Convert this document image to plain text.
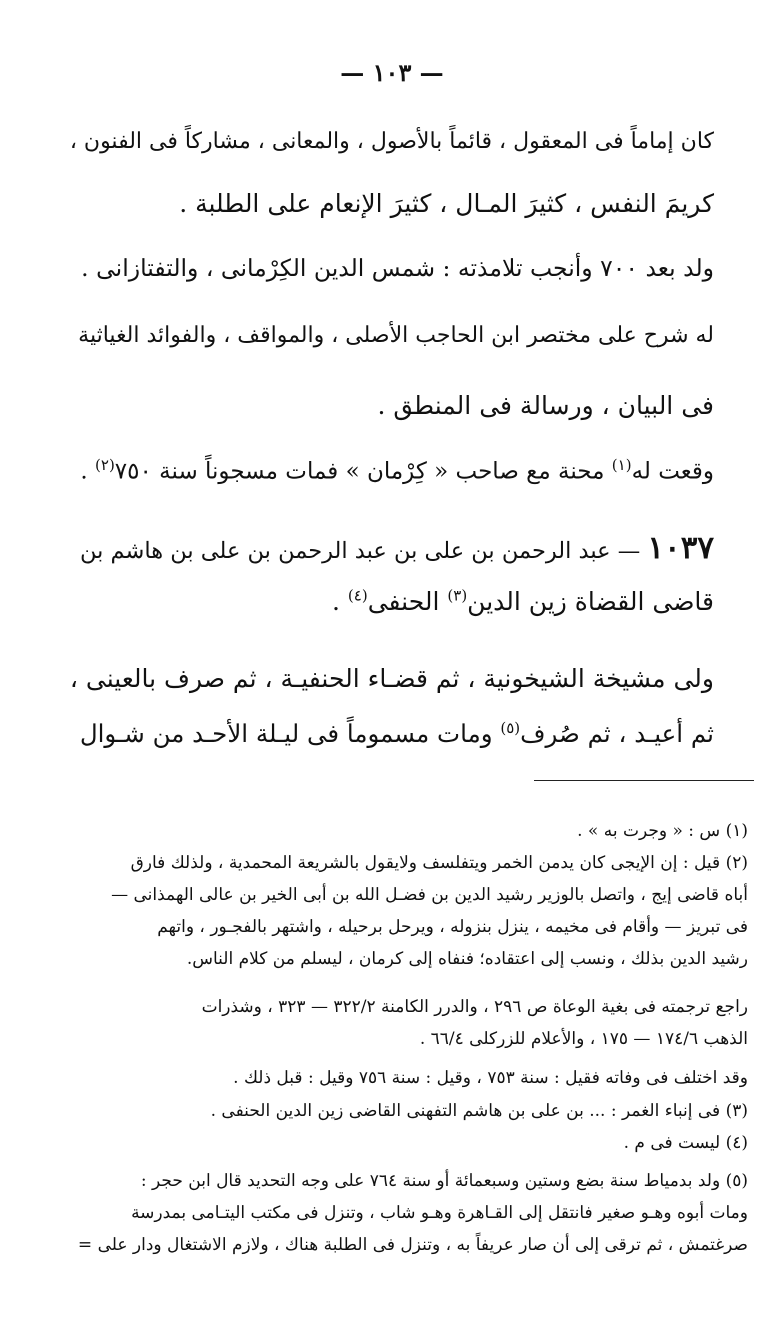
— ١٠٣ —
كان إماماً فى المعقول ، قائماً بالأصول ، والمعانى ، مشاركاً فى الفنون ،
كريمَ النفس ، كثيرَ المـال ، كثيرَ الإنعام على الطلبة .
ولد بعد ٧٠٠ وأنجب تلامذته : شمس الدين الكِرْمانى ، والتفتازانى .
له شرح على مختصر ابن الحاجب الأصلى ، والمواقف ، والفوائد الغياثية
فى البيان ، ورسالة فى المنطق .
وقعت له$^{(١)}$ محنة مع صاحب « كِرْمان » فمات مسجوناً سنة ٧٥٠$^{(٢)}$ .
١٠٣٧ — عبد الرحمن بن على بن عبد الرحمن بن على بن هاشم بن
قاضى القضاة زين الدين$^{(٣)}$ الحنفى$^{(٤)}$ .
ولى مشيخة الشيخونية ، ثم قضـاء الحنفيـة ، ثم صرف بالعينى ،
ثم أعيـد ، ثم صُرف$^{(٥)}$ ومات مسموماً فى ليـلة الأحـد من شـوال
(١) س : « وجرت به » .
(٢) قيل : إن الإيجى كان يدمن الخمر ويتفلسف ولايقول بالشريعة المحمدية ، ولذلك فارق
أباه قاضى إيج ، واتصل بالوزير رشيد الدين بن فضـل الله بن أبى الخير بن عالى الهمذانى —
فى تبريز — وأقام فى مخيمه ، ينزل بنزوله ، ويرحل برحيله ، واشتهر بالفجـور ، واتهم
رشيد الدين بذلك ، ونسب إلى اعتقاده؛ فنفاه إلى كرمان ، ليسلم من كلام الناس.
راجع ترجمته فى بغية الوعاة ص ٢٩٦ ، والدرر الكامنة ٣٢٢/٢ — ٣٢٣ ، وشذرات
الذهب ١٧٤/٦ — ١٧٥ ، والأعلام للزركلى ٦٦/٤ .
وقد اختلف فى وفاته فقيل : سنة ٧٥٣ ، وقيل : سنة ٧٥٦ وقيل : قبل ذلك .
(٣) فى إنباء الغمر : ... بن على بن هاشم التفهنى القاضى زين الدين الحنفى .
(٤) ليست فى م .
(٥) ولد بدمياط سنة بضع وستين وسبعمائة أو سنة ٧٦٤ على وجه التحديد قال ابن حجر :
ومات أبوه وهـو صغير فانتقل إلى القـاهرة وهـو شاب ، وتنزل فى مكتب اليتـامى بمدرسة
صرغتمش ، ثم ترقى إلى أن صار عريفاً به ، وتنزل فى الطلبة هناك ، ولازم الاشتغال ودار على =
